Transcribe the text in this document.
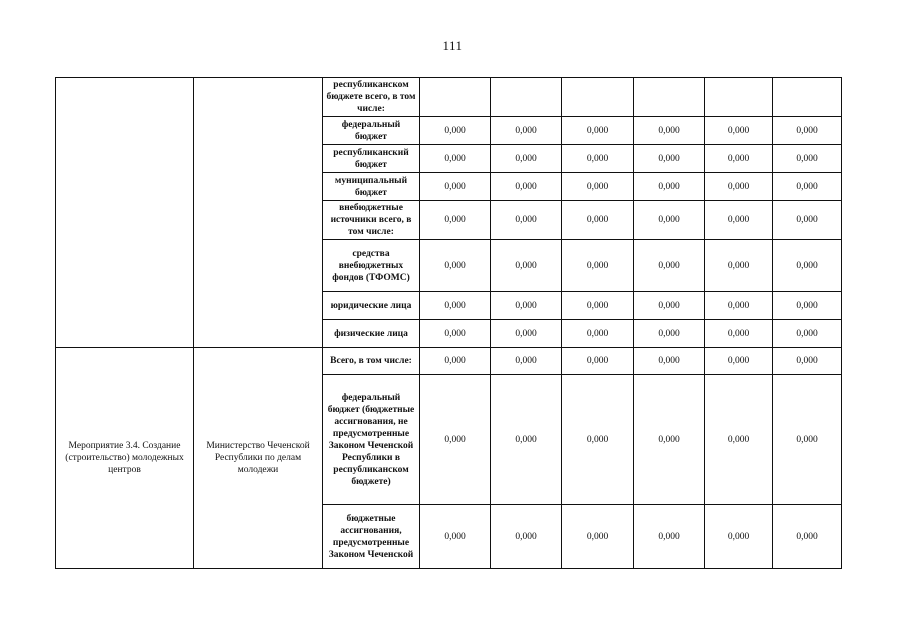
111
		республиканском бюджете всего, в том числе:						
		федеральный бюджет	0,000	0,000	0,000	0,000	0,000	0,000
		республиканский бюджет	0,000	0,000	0,000	0,000	0,000	0,000
		муниципальный бюджет	0,000	0,000	0,000	0,000	0,000	0,000
		внебюджетные источники всего, в том числе:	0,000	0,000	0,000	0,000	0,000	0,000
		средства внебюджетных фондов (ТФОМС)	0,000	0,000	0,000	0,000	0,000	0,000
		юридические лица	0,000	0,000	0,000	0,000	0,000	0,000
		физические лица	0,000	0,000	0,000	0,000	0,000	0,000
Мероприятие 3.4. Создание (строительство) молодежных центров	Министерство Чеченской Республики по делам молодежи	Всего, в том числе:	0,000	0,000	0,000	0,000	0,000	0,000
		федеральный бюджет (бюджетные ассигнования, не предусмотренные Законом Чеченской Республики в республиканском бюджете)	0,000	0,000	0,000	0,000	0,000	0,000
		бюджетные ассигнования, предусмотренные Законом Чеченской	0,000	0,000	0,000	0,000	0,000	0,000
